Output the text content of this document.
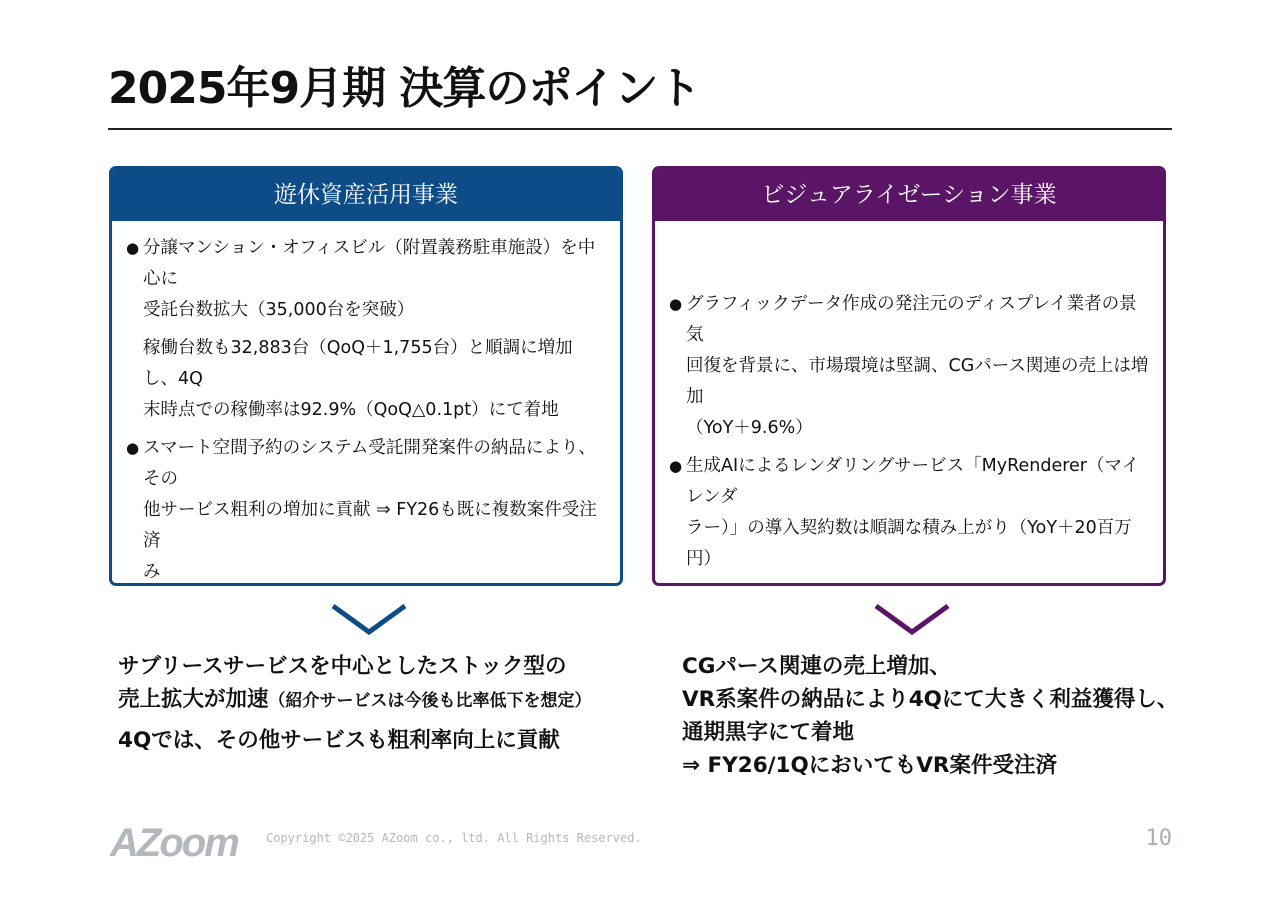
2025年9月期 決算のポイント
遊休資産活用事業
● 分譲マンション・オフィスビル（附置義務駐車施設）を中心に
受託台数拡大（35,000台を突破）

稼働台数も32,883台（QoQ＋1,755台）と順調に増加し、4Q
末時点での稼働率は92.9%（QoQ△0.1pt）にて着地

● スマート空間予約のシステム受託開発案件の納品により、その
他サービス粗利の増加に貢献 ⇒ FY26も既に複数案件受注済
み

ビジュアライゼーション事業
● グラフィックデータ作成の発注元のディスプレイ業者の景気
回復を背景に、市場環境は堅調、CGパース関連の売上は増加
（YoY＋9.6%）

● 生成AIによるレンダリングサービス「MyRenderer（マイレンダ
ラー）」の導入契約数は順調な積み上がり（YoY＋20百万円）

サブリースサービスを中心としたストック型の

売上拡大が加速（紹介サービスは今後も比率低下を想定）

4Qでは、その他サービスも粗利率向上に貢献

CGパース関連の売上増加、

VR系案件の納品により4Qにて大きく利益獲得し、

通期黒字にて着地

⇒ FY26/1QにおいてもVR案件受注済

AZoom Copyright ©2025 AZoom co., ltd. All Rights Reserved.	10
